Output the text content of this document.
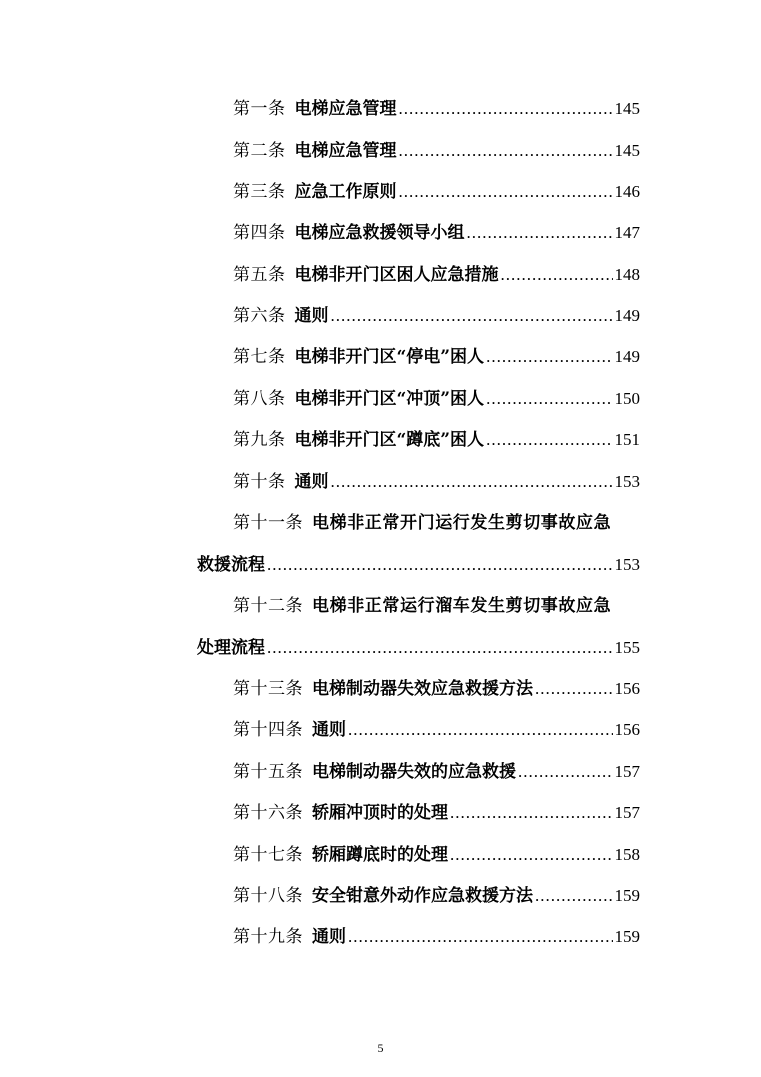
第一条 电梯应急管理 .....	145
第二条 电梯应急管理 .....	145
第三条 应急工作原则 .....	146
第四条 电梯应急救援领导小组 .....	147
第五条 电梯非开门区困人应急措施 .....	148
第六条 通则 .....	149
第七条 电梯非开门区“停电”困人 .....	149
第八条 电梯非开门区“冲顶”困人 .....	150
第九条 电梯非开门区“蹲底”困人 .....	151
第十条 通则 .....	153
第十一条 电梯非正常开门运行发生剪切事故应急
救援流程 .....	153
第十二条 电梯非正常运行溜车发生剪切事故应急
处理流程 .....	155
第十三条 电梯制动器失效应急救援方法 .....	156
第十四条 通则 .....	156
第十五条 电梯制动器失效的应急救援 .....	157
第十六条 轿厢冲顶时的处理 .....	157
第十七条 轿厢蹲底时的处理 .....	158
第十八条 安全钳意外动作应急救援方法 .....	159
第十九条 通则 .....	159
5
